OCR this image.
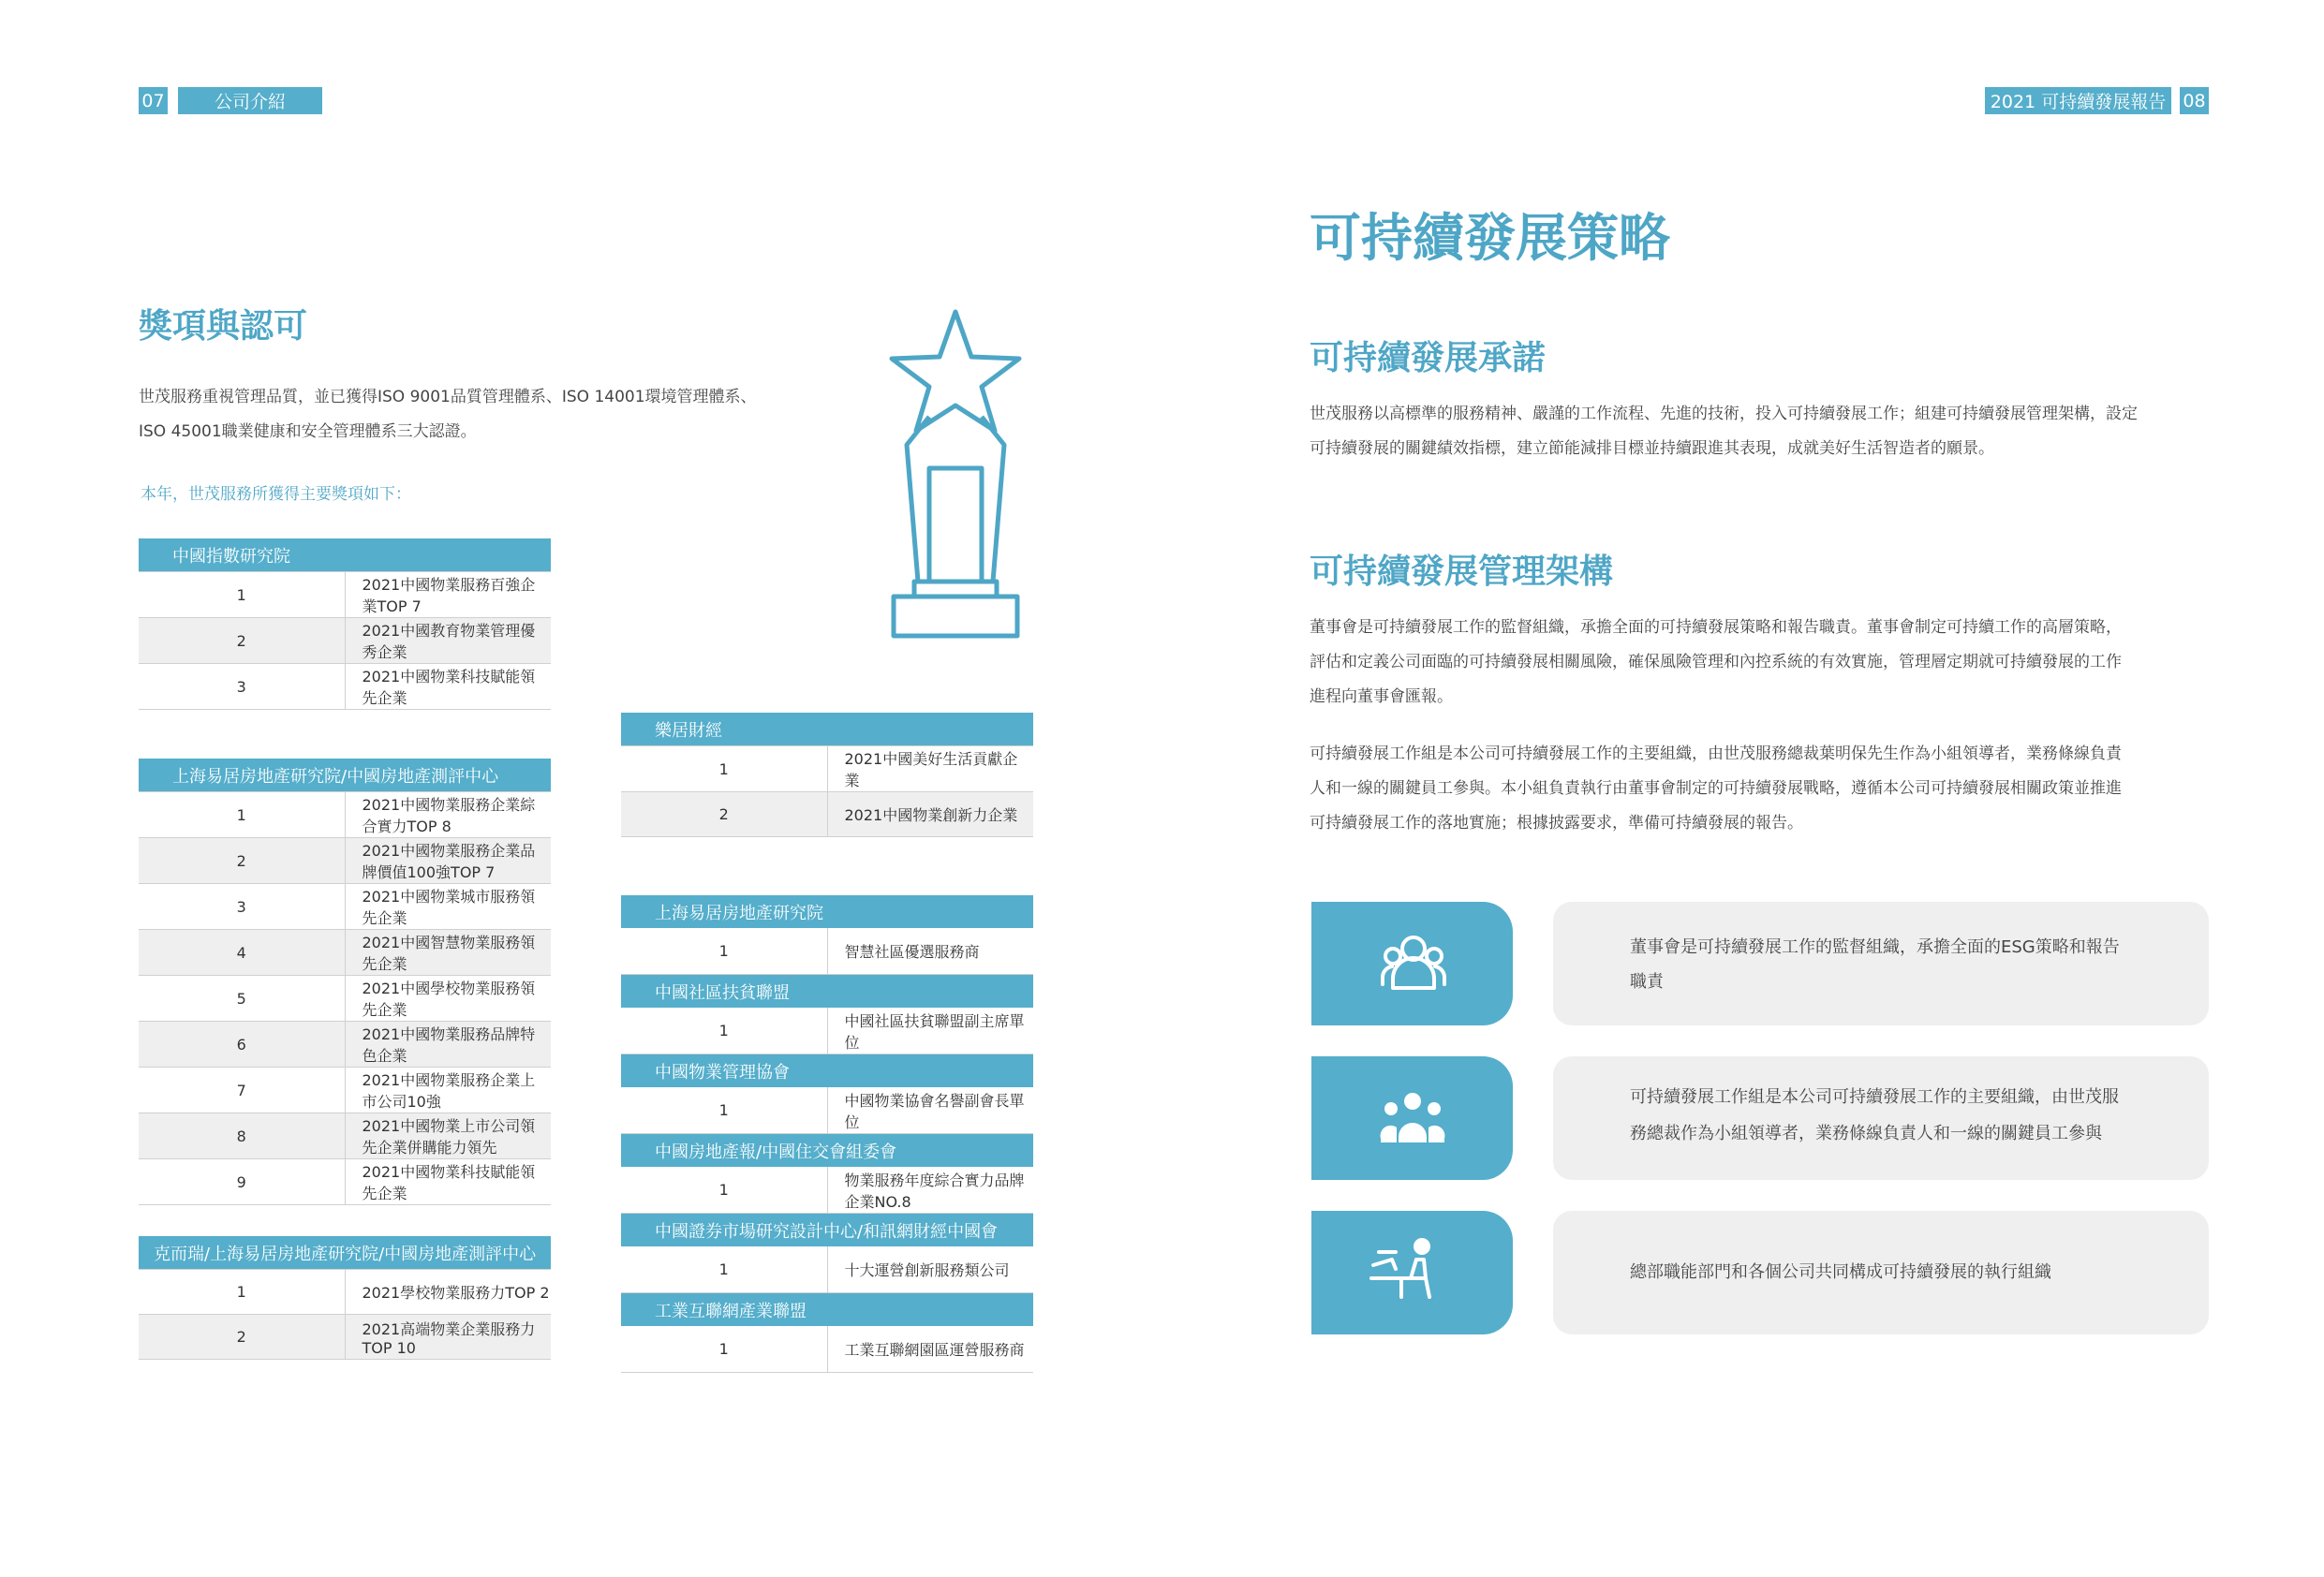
07	公司介紹	2021 可持續發展報告 08
獎項與認可

世茂服務重視管理品質，並已獲得ISO 9001品質管理體系、ISO 14001環境管理體系、

ISO 45001職業健康和安全管理體系三大認證。

本年，世茂服務所獲得主要獎項如下：

中國指數研究院	
1	2021中國物業服務百強企業TOP 7
2	2021中國教育物業管理優秀企業
3	2021中國物業科技賦能領先企業
上海易居房地產研究院/中國房地產測評中心	
1	2021中國物業服務企業綜合實力TOP 8
2	2021中國物業服務企業品牌價值100強TOP 7
3	2021中國物業城市服務領先企業
4	2021中國智慧物業服務領先企業
5	2021中國學校物業服務領先企業
6	2021中國物業服務品牌特色企業
7	2021中國物業服務企業上市公司10強
8	2021中國物業上市公司領先企業併購能力領先
9	2021中國物業科技賦能領先企業
克而瑞/上海易居房地產研究院/中國房地產測評中心	
1	2021學校物業服務力TOP 2
2	2021高端物業企業服務力TOP 10
樂居財經	
1	2021中國美好生活貢獻企業
2	2021中國物業創新力企業
上海易居房地產研究院	
1	智慧社區優選服務商
中國社區扶貧聯盟	
1	中國社區扶貧聯盟副主席單位
中國物業管理協會	
1	中國物業協會名譽副會長單位
中國房地產報/中國住交會組委會	
1	物業服務年度綜合實力品牌企業NO.8
中國證券市場研究設計中心/和訊網財經中國會	
1	十大運營創新服務類公司
工業互聯網產業聯盟	
1	工業互聯網園區運營服務商
可持續發展策略
可持續發展承諾

世茂服務以高標準的服務精神、嚴謹的工作流程、先進的技術，投入可持續發展工作；組建可持續發展管理架構，設定

可持續發展的關鍵績效指標，建立節能減排目標並持續跟進其表現，成就美好生活智造者的願景。

可持續發展管理架構

董事會是可持續發展工作的監督組織，承擔全面的可持續發展策略和報告職責。董事會制定可持續工作的高層策略，

評估和定義公司面臨的可持續發展相關風險，確保風險管理和內控系統的有效實施，管理層定期就可持續發展的工作

進程向董事會匯報。

可持續發展工作組是本公司可持續發展工作的主要組織，由世茂服務總裁葉明保先生作為小組領導者，業務條線負責

人和一線的關鍵員工參與。本小組負責執行由董事會制定的可持續發展戰略，遵循本公司可持續發展相關政策並推進

可持續發展工作的落地實施；根據披露要求，準備可持續發展的報告。

董事會是可持續發展工作的監督組織，承擔全面的ESG策略和報告
職責
可持續發展工作組是本公司可持續發展工作的主要組織，由世茂服
務總裁作為小組領導者，業務條線負責人和一線的關鍵員工參與
總部職能部門和各個公司共同構成可持續發展的執行組織
